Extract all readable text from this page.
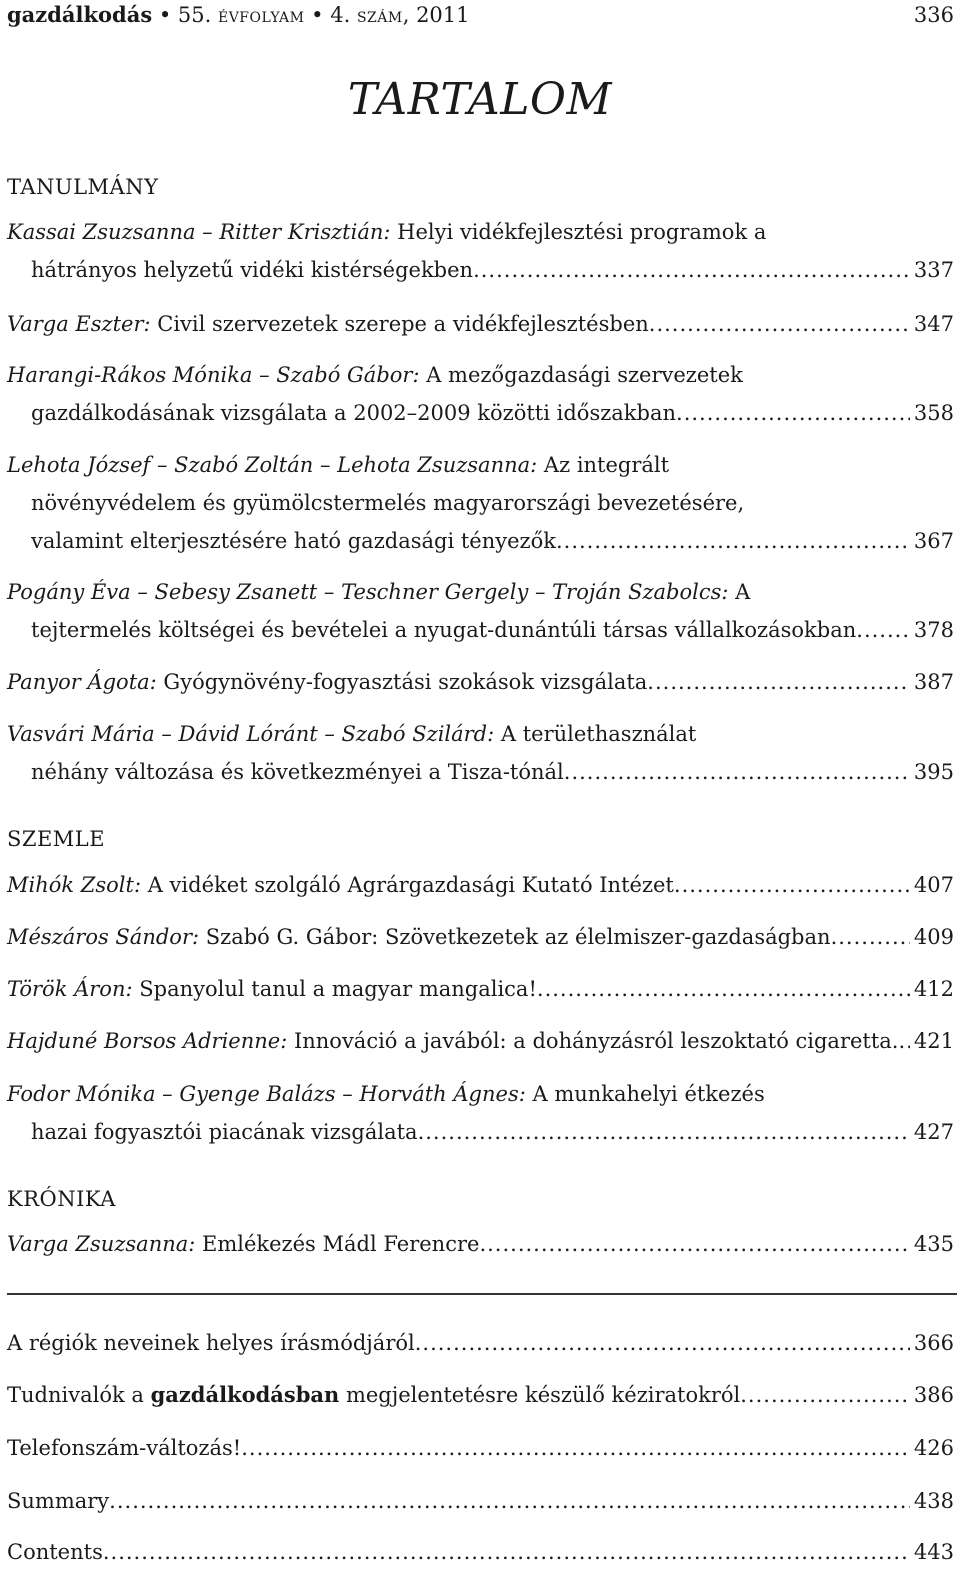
gazdálkodás • 55. ÉVFOLYAM • 4. SZÁM, 2011	336
TARTALOM
TANULMÁNY
Kassai Zsuzsanna – Ritter Krisztián: Helyi vidékfejlesztési programok a
hátrányos helyzetű vidéki kistérségekben .....	337
Varga Eszter: Civil szervezetek szerepe a vidékfejlesztésben .....	347
Harangi-Rákos Mónika – Szabó Gábor: A mezőgazdasági szervezetek
gazdálkodásának vizsgálata a 2002–2009 közötti időszakban .....	358
Lehota József – Szabó Zoltán – Lehota Zsuzsanna: Az integrált
növényvédelem és gyümölcstermelés magyarországi bevezetésére,
valamint elterjesztésére ható gazdasági tényezők .....	367
Pogány Éva – Sebesy Zsanett – Teschner Gergely – Troján Szabolcs: A
tejtermelés költségei és bevételei a nyugat-dunántúli társas vállalkozásokban .....	378
Panyor Ágota: Gyógynövény-fogyasztási szokások vizsgálata .....	387
Vasvári Mária – Dávid Lóránt – Szabó Szilárd: A területhasználat
néhány változása és következményei a Tisza-tónál .....	395
SZEMLE
Mihók Zsolt: A vidéket szolgáló Agrárgazdasági Kutató Intézet .....	407
Mészáros Sándor: Szabó G. Gábor: Szövetkezetek az élelmiszer-gazdaságban .....	409
Török Áron: Spanyolul tanul a magyar mangalica! .....	412
Hajduné Borsos Adrienne: Innováció a javából: a dohányzásról leszoktató cigaretta. ..... 421
Fodor Mónika – Gyenge Balázs – Horváth Ágnes: A munkahelyi étkezés
hazai fogyasztói piacának vizsgálata .....	427
KRÓNIKA
Varga Zsuzsanna: Emlékezés Mádl Ferencre .....	435
A régiók neveinek helyes írásmódjáról .....	366
Tudnivalók a gazdálkodásban megjelentetésre készülő kéziratokról .....	386
Telefonszám-változás! .....	426
Summary .....	438
Contents .....	443
